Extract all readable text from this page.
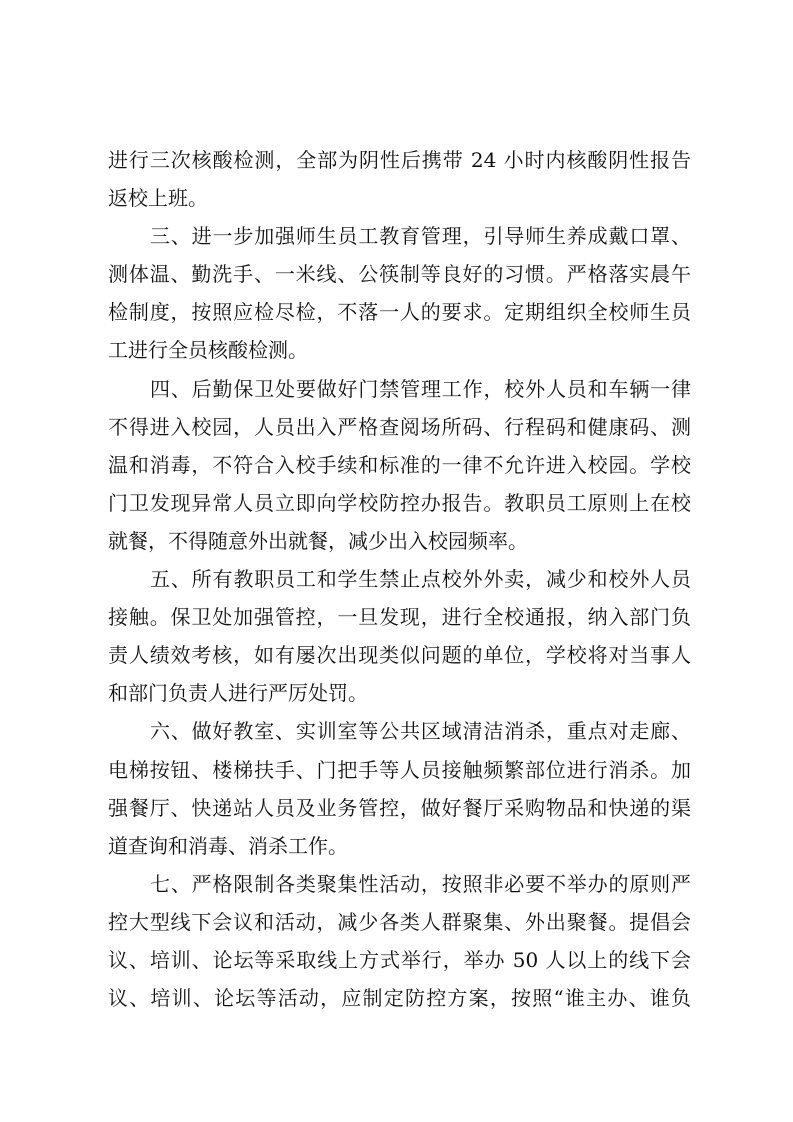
进行三次核酸检测，全部为阴性后携带 24 小时内核酸阴性报告
返校上班。
三、进一步加强师生员工教育管理，引导师生养成戴口罩、
测体温、勤洗手、一米线、公筷制等良好的习惯。严格落实晨午
检制度，按照应检尽检，不落一人的要求。定期组织全校师生员
工进行全员核酸检测。
四、后勤保卫处要做好门禁管理工作，校外人员和车辆一律
不得进入校园，人员出入严格查阅场所码、行程码和健康码、测
温和消毒，不符合入校手续和标准的一律不允许进入校园。学校
门卫发现异常人员立即向学校防控办报告。教职员工原则上在校
就餐，不得随意外出就餐，减少出入校园频率。
五、所有教职员工和学生禁止点校外外卖，减少和校外人员
接触。保卫处加强管控，一旦发现，进行全校通报，纳入部门负
责人绩效考核，如有屡次出现类似问题的单位，学校将对当事人
和部门负责人进行严厉处罚。
六、做好教室、实训室等公共区域清洁消杀，重点对走廊、
电梯按钮、楼梯扶手、门把手等人员接触频繁部位进行消杀。加
强餐厅、快递站人员及业务管控，做好餐厅采购物品和快递的渠
道查询和消毒、消杀工作。
七、严格限制各类聚集性活动，按照非必要不举办的原则严
控大型线下会议和活动，减少各类人群聚集、外出聚餐。提倡会
议、培训、论坛等采取线上方式举行，举办 50 人以上的线下会
议、培训、论坛等活动，应制定防控方案，按照“谁主办、谁负
